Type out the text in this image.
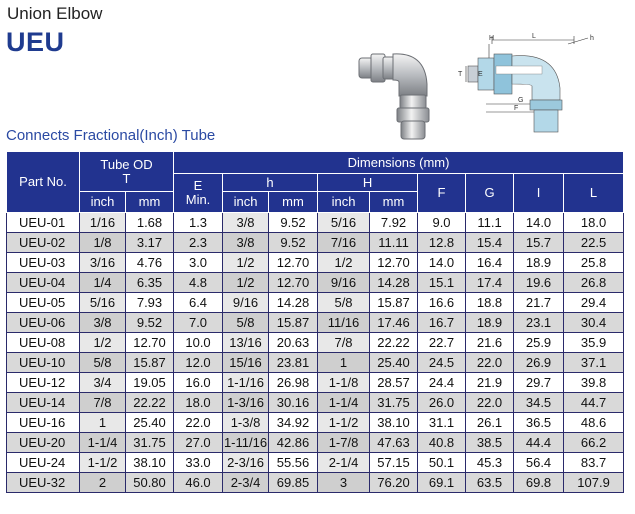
Union Elbow
UEU	H	L	h
T E
G
F
Connects Fractional(Inch) Tube
Part No.	Tube OD
T		Dimensions (mm)								
			E
Min.	h		H		F	G	I	L
	inch	mm		inch	mm	inch	mm				
UEU-01	1/16	1.68	1.3	3/8	9.52	5/16	7.92	9.0	11.1	14.0	18.0
UEU-02	1/8	3.17	2.3	3/8	9.52	7/16	11.11	12.8	15.4	15.7	22.5
UEU-03	3/16	4.76	3.0	1/2	12.70	1/2	12.70	14.0	16.4	18.9	25.8
UEU-04	1/4	6.35	4.8	1/2	12.70	9/16	14.28	15.1	17.4	19.6	26.8
UEU-05	5/16	7.93	6.4	9/16	14.28	5/8	15.87	16.6	18.8	21.7	29.4
UEU-06	3/8	9.52	7.0	5/8	15.87	11/16	17.46	16.7	18.9	23.1	30.4
UEU-08	1/2	12.70	10.0	13/16	20.63	7/8	22.22	22.7	21.6	25.9	35.9
UEU-10	5/8	15.87	12.0	15/16	23.81	1	25.40	24.5	22.0	26.9	37.1
UEU-12	3/4	19.05	16.0	1-1/16	26.98	1-1/8	28.57	24.4	21.9	29.7	39.8
UEU-14	7/8	22.22	18.0	1-3/16	30.16	1-1/4	31.75	26.0	22.0	34.5	44.7
UEU-16	1	25.40	22.0	1-3/8	34.92	1-1/2	38.10	31.1	26.1	36.5	48.6
UEU-20	1-1/4	31.75	27.0	1-11/16	42.86	1-7/8	47.63	40.8	38.5	44.4	66.2
UEU-24	1-1/2	38.10	33.0	2-3/16	55.56	2-1/4	57.15	50.1	45.3	56.4	83.7
UEU-32	2	50.80	46.0	2-3/4	69.85	3	76.20	69.1	63.5	69.8	107.9
